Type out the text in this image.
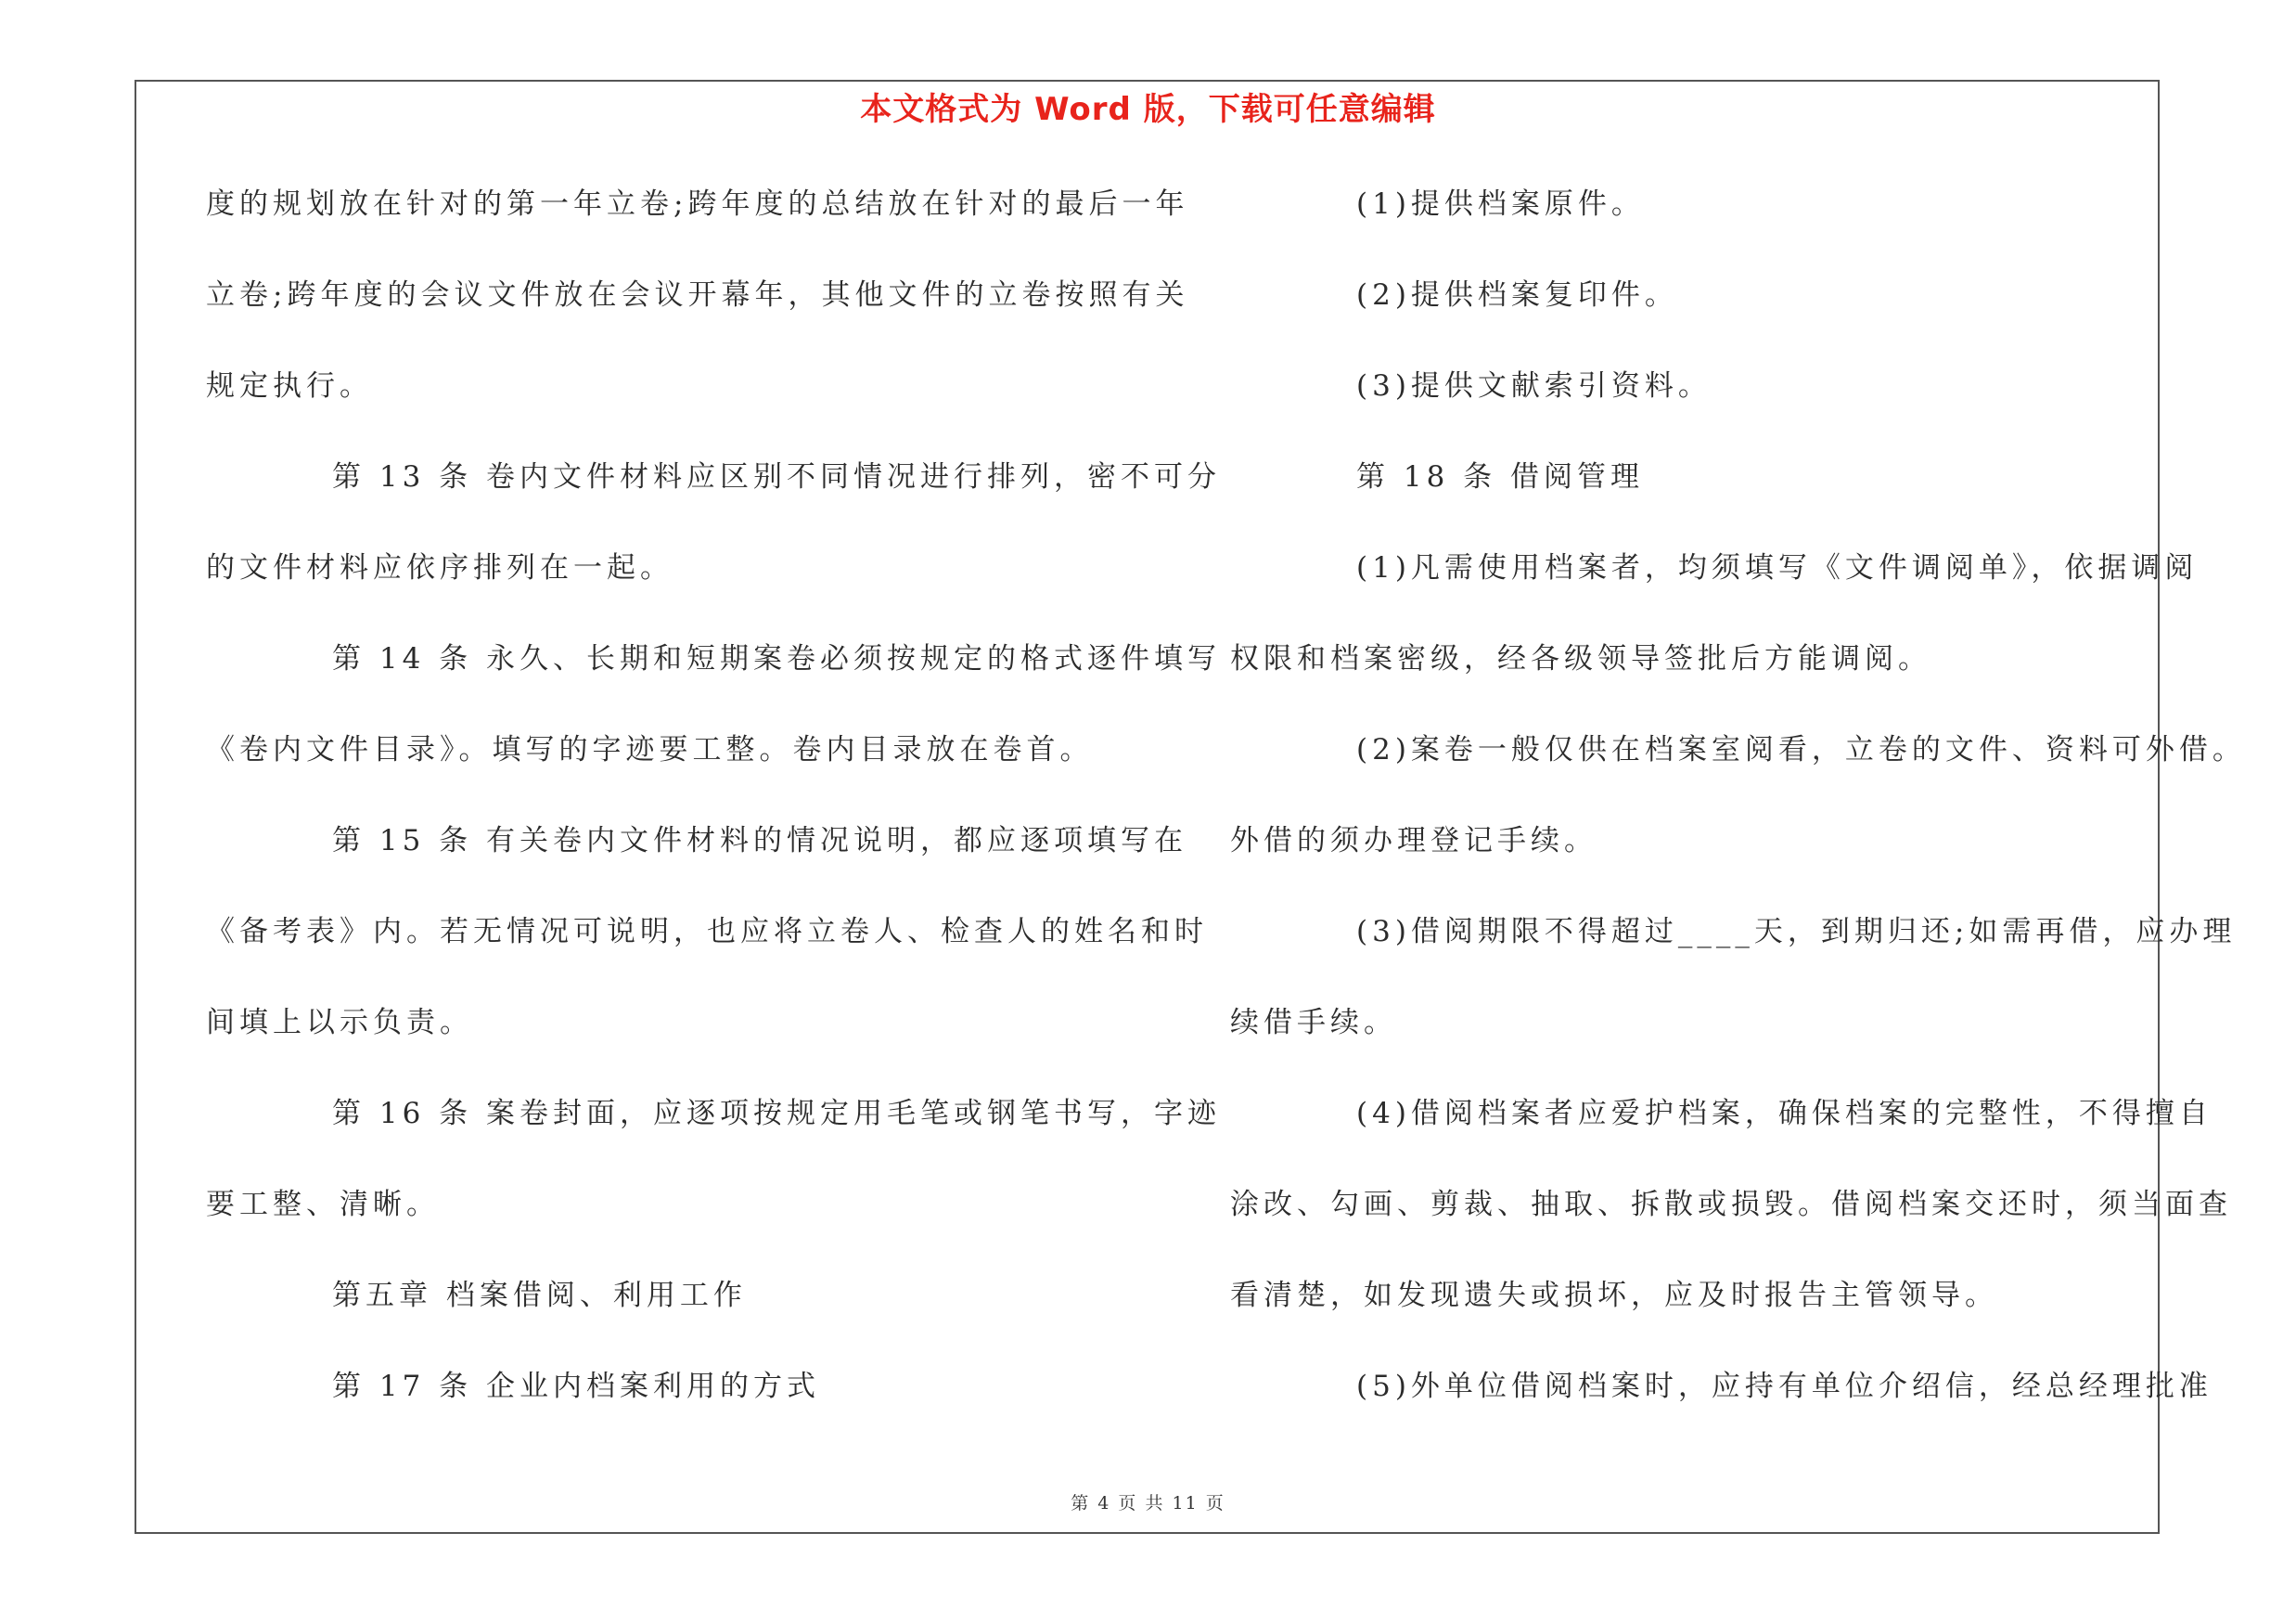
本文格式为 Word 版，下载可任意编辑
度的规划放在针对的第一年立卷;跨年度的总结放在针对的最后一年
立卷;跨年度的会议文件放在会议开幕年，其他文件的立卷按照有关
规定执行。
第 13 条 卷内文件材料应区别不同情况进行排列，密不可分
的文件材料应依序排列在一起。
第 14 条 永久、长期和短期案卷必须按规定的格式逐件填写
《卷内文件目录》。填写的字迹要工整。卷内目录放在卷首。
第 15 条 有关卷内文件材料的情况说明，都应逐项填写在
《备考表》内。若无情况可说明，也应将立卷人、检查人的姓名和时
间填上以示负责。
第 16 条 案卷封面，应逐项按规定用毛笔或钢笔书写，字迹
要工整、清晰。
第五章 档案借阅、利用工作
第 17 条 企业内档案利用的方式
(1)提供档案原件。
(2)提供档案复印件。
(3)提供文献索引资料。
第 18 条 借阅管理
(1)凡需使用档案者，均须填写《文件调阅单》，依据调阅
权限和档案密级，经各级领导签批后方能调阅。
(2)案卷一般仅供在档案室阅看，立卷的文件、资料可外借。
外借的须办理登记手续。
(3)借阅期限不得超过____天，到期归还;如需再借，应办理
续借手续。
(4)借阅档案者应爱护档案，确保档案的完整性，不得擅自
涂改、勾画、剪裁、抽取、拆散或损毁。借阅档案交还时，须当面查
看清楚，如发现遗失或损坏，应及时报告主管领导。
(5)外单位借阅档案时，应持有单位介绍信，经总经理批准
第 4 页 共 11 页
